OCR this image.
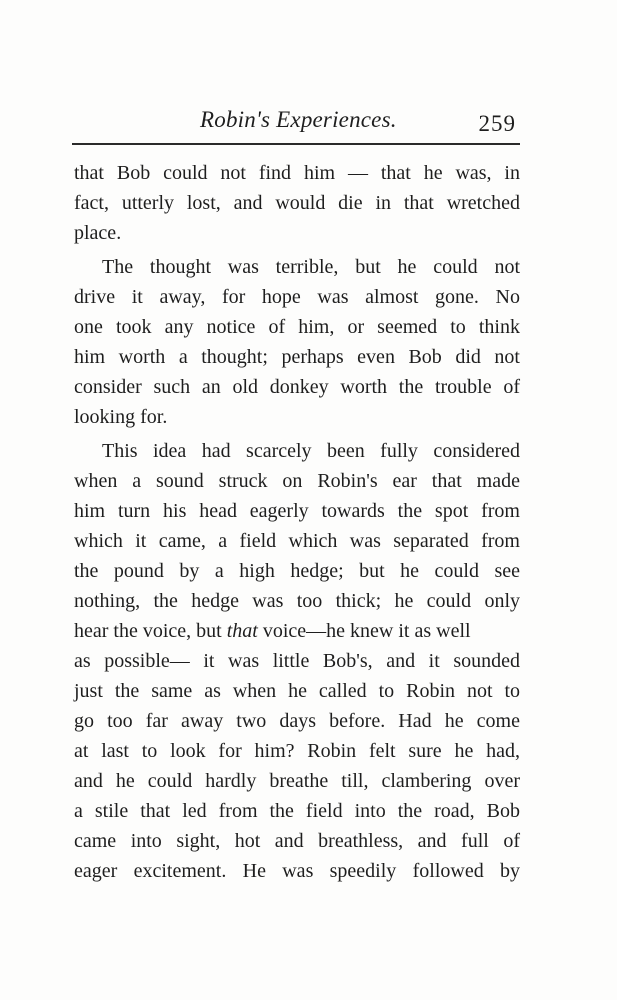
Robin's Experiences.	259
that Bob could not find him — that he was, in
fact, utterly lost, and would die in that wretched
place.
The thought was terrible, but he could not
drive it away, for hope was almost gone. No
one took any notice of him, or seemed to think
him worth a thought; perhaps even Bob did not
consider such an old donkey worth the trouble of
looking for.
This idea had scarcely been fully considered
when a sound struck on Robin's ear that made
him turn his head eagerly towards the spot from
which it came, a field which was separated from
the pound by a high hedge; but he could see
nothing, the hedge was too thick; he could only
hear the voice, but that voice—he knew it as well
as possible— it was little Bob's, and it sounded
just the same as when he called to Robin not to
go too far away two days before. Had he come
at last to look for him? Robin felt sure he had,
and he could hardly breathe till, clambering over
a stile that led from the field into the road, Bob
came into sight, hot and breathless, and full of
eager excitement. He was speedily followed by
